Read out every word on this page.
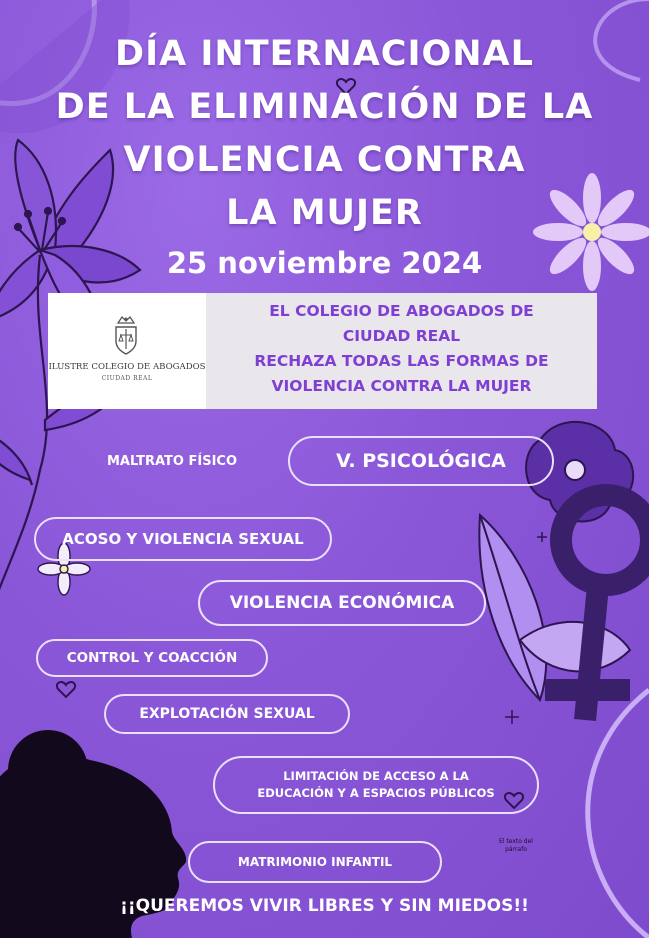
DÍA INTERNACIONAL
DE LA ELIMINACIÓN DE LA
VIOLENCIA CONTRA
LA MUJER
25 noviembre 2024
ILUSTRE COLEGIO DE ABOGADOS
CIUDAD REAL
EL COLEGIO DE ABOGADOS DE
CIUDAD REAL
RECHAZA TODAS LAS FORMAS DE
VIOLENCIA CONTRA LA MUJER
MALTRATO FÍSICO	V. PSICOLÓGICA
ACOSO Y VIOLENCIA SEXUAL
VIOLENCIA ECONÓMICA
CONTROL Y COACCIÓN
EXPLOTACIÓN SEXUAL
LIMITACIÓN DE ACCESO A LA
EDUCACIÓN Y A ESPACIOS PÚBLICOS
MATRIMONIO INFANTIL
El texto del
párrafo
¡¡QUEREMOS VIVIR LIBRES Y SIN MIEDOS!!
